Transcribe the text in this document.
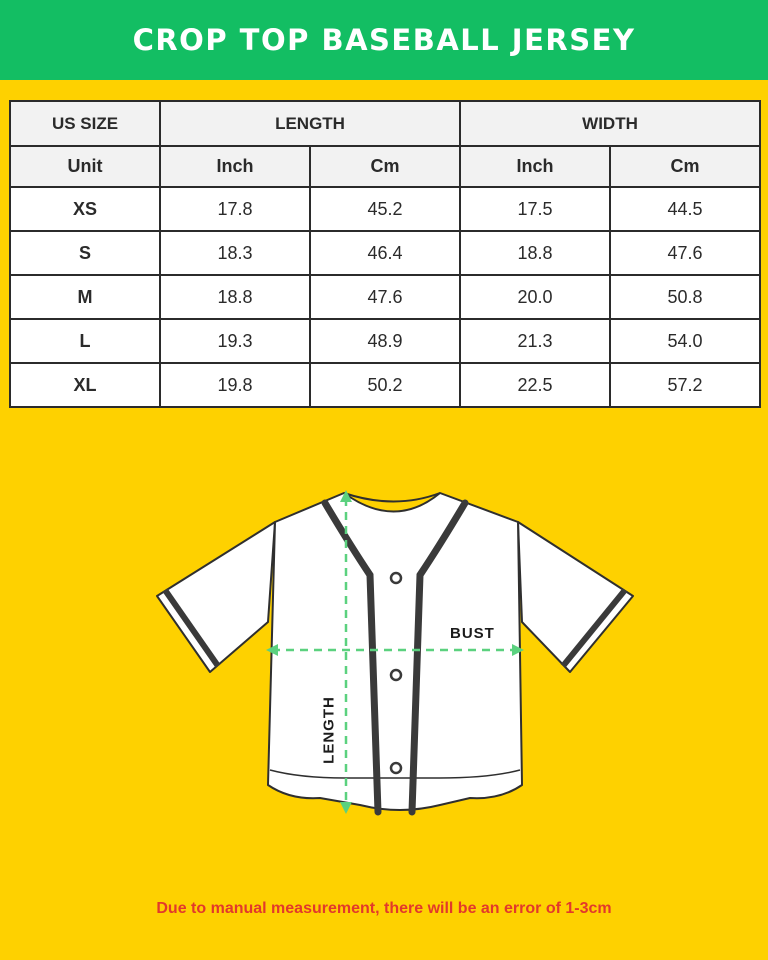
CROP TOP BASEBALL JERSEY
US SIZE	LENGTH		WIDTH	
Unit	Inch	Cm	Inch	Cm
XS	17.8	45.2	17.5	44.5
S	18.3	46.4	18.8	47.6
M	18.8	47.6	20.0	50.8
L	19.3	48.9	21.3	54.0
XL	19.8	50.2	22.5	57.2
BUST
LENGTH
Due to manual measurement, there will be an error of 1-3cm
